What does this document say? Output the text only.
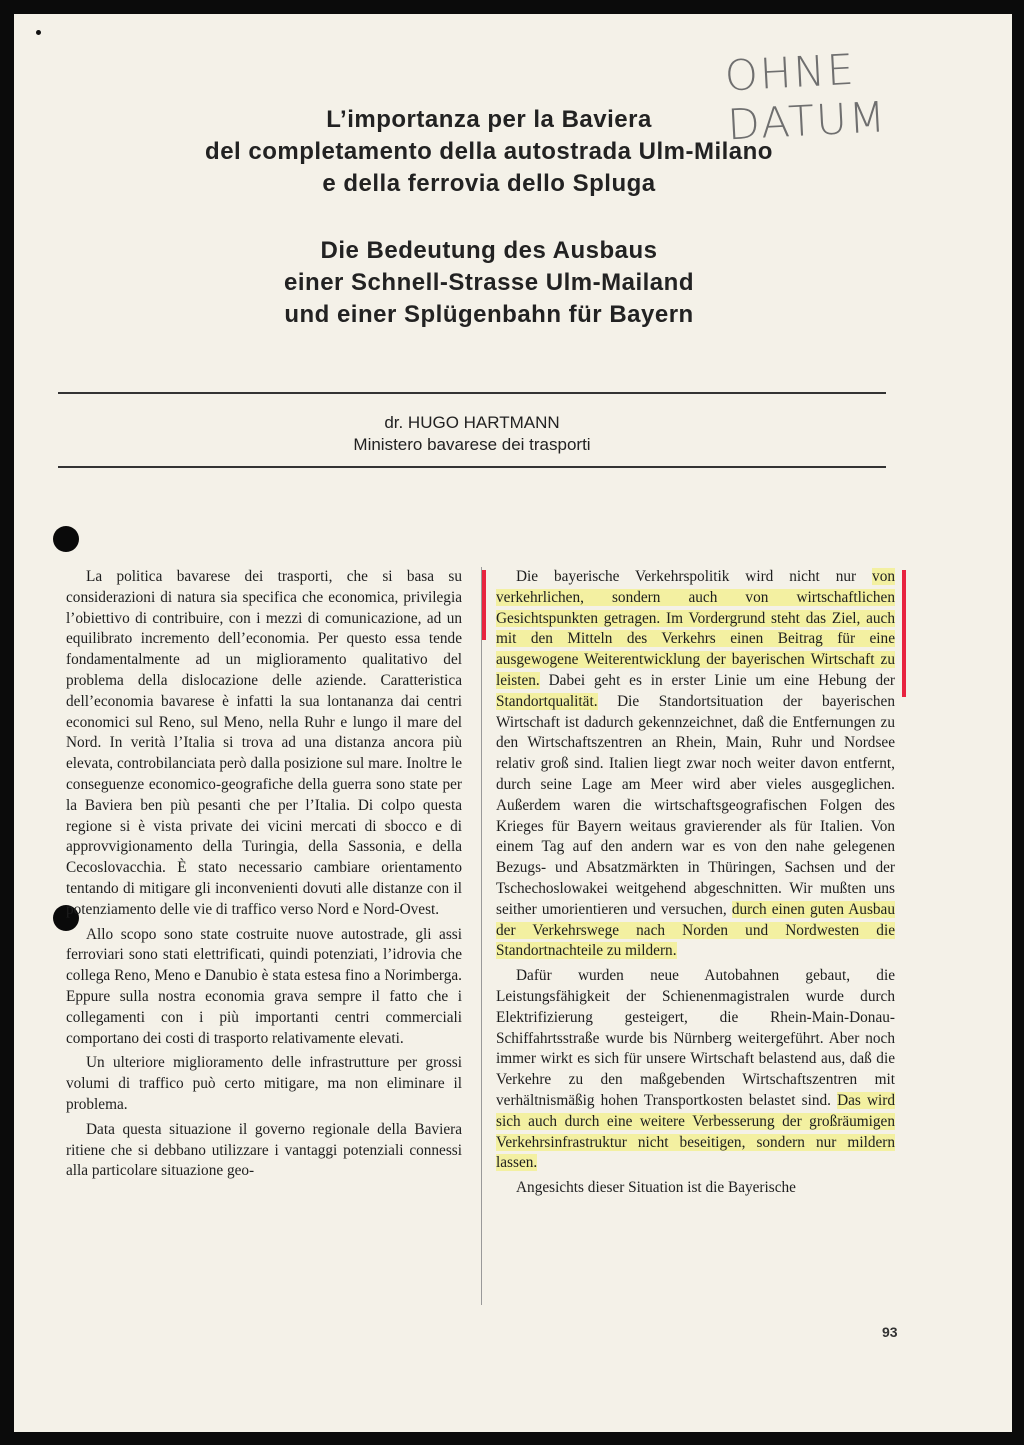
OHNE DATUM
L’importanza per la Baviera
del completamento della autostrada Ulm-Milano
e della ferrovia dello Spluga
Die Bedeutung des Ausbaus
einer Schnell-Strasse Ulm-Mailand
und einer Splügenbahn für Bayern
dr. HUGO HARTMANN
Ministero bavarese dei trasporti

La politica bavarese dei trasporti, che si basa su considerazioni di natura sia specifica che economica, privilegia l’obiettivo di contribuire, con i mezzi di comunicazione, ad un equilibrato incremento dell’economia. Per questo essa tende fondamentalmente ad un miglioramento qualitativo del problema della dislocazione delle aziende. Caratteristica dell’economia bavarese è infatti la sua lontananza dai centri economici sul Reno, sul Meno, nella Ruhr e lungo il mare del Nord. In verità l’Italia si trova ad una distanza ancora più elevata, controbilanciata però dalla posizione sul mare. Inoltre le conseguenze economico-geografiche della guerra sono state per la Baviera ben più pesanti che per l’Italia. Di colpo questa regione si è vista private dei vicini mercati di sbocco e di approvvigionamento della Turingia, della Sassonia, e della Cecoslovacchia. È stato necessario cambiare orientamento tentando di mitigare gli inconvenienti dovuti alle distanze con il potenziamento delle vie di traffico verso Nord e Nord-Ovest.

Allo scopo sono state costruite nuove autostrade, gli assi ferroviari sono stati elettrificati, quindi potenziati, l’idrovia che collega Reno, Meno e Danubio è stata estesa fino a Norimberga. Eppure sulla nostra economia grava sempre il fatto che i collegamenti con i più importanti centri commerciali comportano dei costi di trasporto relativamente elevati.

Un ulteriore miglioramento delle infrastrutture per grossi volumi di traffico può certo mitigare, ma non eliminare il problema.

Data questa situazione il governo regionale della Baviera ritiene che si debbano utilizzare i vantaggi potenziali connessi alla particolare situazione geo-

Die bayerische Verkehrspolitik wird nicht nur von verkehrlichen, sondern auch von wirtschaftlichen Gesichtspunkten getragen. Im Vordergrund steht das Ziel, auch mit den Mitteln des Verkehrs einen Beitrag für eine ausgewogene Weiterentwicklung der bayerischen Wirtschaft zu leisten. Dabei geht es in erster Linie um eine Hebung der Standortqualität. Die Standortsituation der bayerischen Wirtschaft ist dadurch gekennzeichnet, daß die Entfernungen zu den Wirtschaftszentren an Rhein, Main, Ruhr und Nordsee relativ groß sind. Italien liegt zwar noch weiter davon entfernt, durch seine Lage am Meer wird aber vieles ausgeglichen. Außerdem waren die wirtschaftsgeografischen Folgen des Krieges für Bayern weitaus gravierender als für Italien. Von einem Tag auf den andern war es von den nahe gelegenen Bezugs- und Absatzmärkten in Thüringen, Sachsen und der Tschechoslowakei weitgehend abgeschnitten. Wir mußten uns seither umorientieren und versuchen, durch einen guten Ausbau der Verkehrswege nach Norden und Nordwesten die Standortnachteile zu mildern.

Dafür wurden neue Autobahnen gebaut, die Leistungsfähigkeit der Schienenmagistralen wurde durch Elektrifizierung gesteigert, die Rhein-Main-Donau-Schiffahrtsstraße wurde bis Nürnberg weitergeführt. Aber noch immer wirkt es sich für unsere Wirtschaft belastend aus, daß die Verkehre zu den maßgebenden Wirtschaftszentren mit verhältnismäßig hohen Transportkosten belastet sind. Das wird sich auch durch eine weitere Verbesserung der großräumigen Verkehrsinfrastruktur nicht beseitigen, sondern nur mildern lassen.

Angesichts dieser Situation ist die Bayerische

93
